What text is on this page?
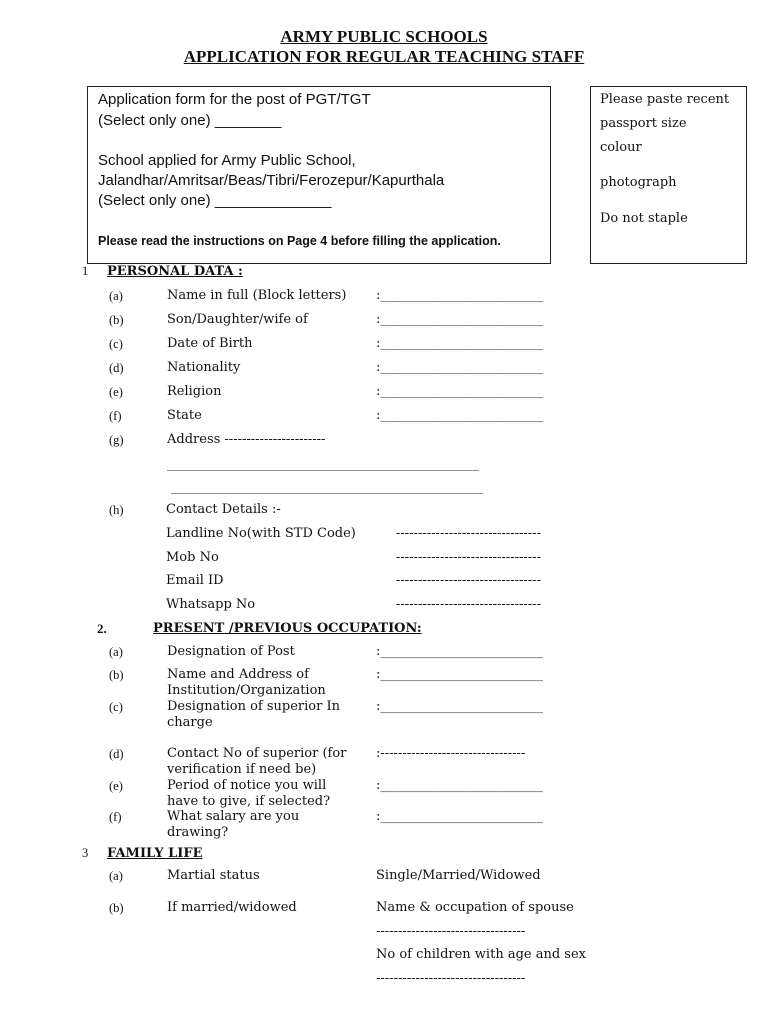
ARMY PUBLIC SCHOOLS
APPLICATION FOR REGULAR TEACHING STAFF
Application form for the post of PGT/TGT
(Select only one) ________
School applied for Army Public School,
Jalandhar/Amritsar/Beas/Tibri/Ferozepur/Kapurthala
(Select only one) ______________
Please read the instructions on Page 4 before filling the application.
Please paste recent
passport size
colour
photograph
Do not staple
1 PERSONAL DATA :
(a)	Name in full (Block letters) :_________________________
(b)	Son/Daughter/wife of	:_________________________
(c)	Date of Birth	:_________________________
(d)	Nationality	:_________________________
(e)	Religion	:_________________________
(f)	State	:_________________________
(g)	Address -----------------------
____________________________________________________
____________________________________________________
(h)	Contact Details :-
Landline No(with STD Code)	---------------------------------
Mob No	---------------------------------
Email ID	---------------------------------
Whatsapp No	---------------------------------
2.	PRESENT /PREVIOUS OCCUPATION:
(a)	Designation of Post	:_________________________
(b)	Name and Address of Institution/Organization
:_________________________
(c)	Designation of superior In charge
:_________________________
(d)	Contact No of superior (for verification if need be)
:---------------------------------
(e)	Period of notice you will have to give, if selected?
:_________________________
(f)	What salary are you drawing?
:_________________________
3 FAMILY LIFE
(a)	Martial status	Single/Married/Widowed
(b)	If married/widowed	Name & occupation of spouse
----------------------------------
No of children with age and sex
----------------------------------
